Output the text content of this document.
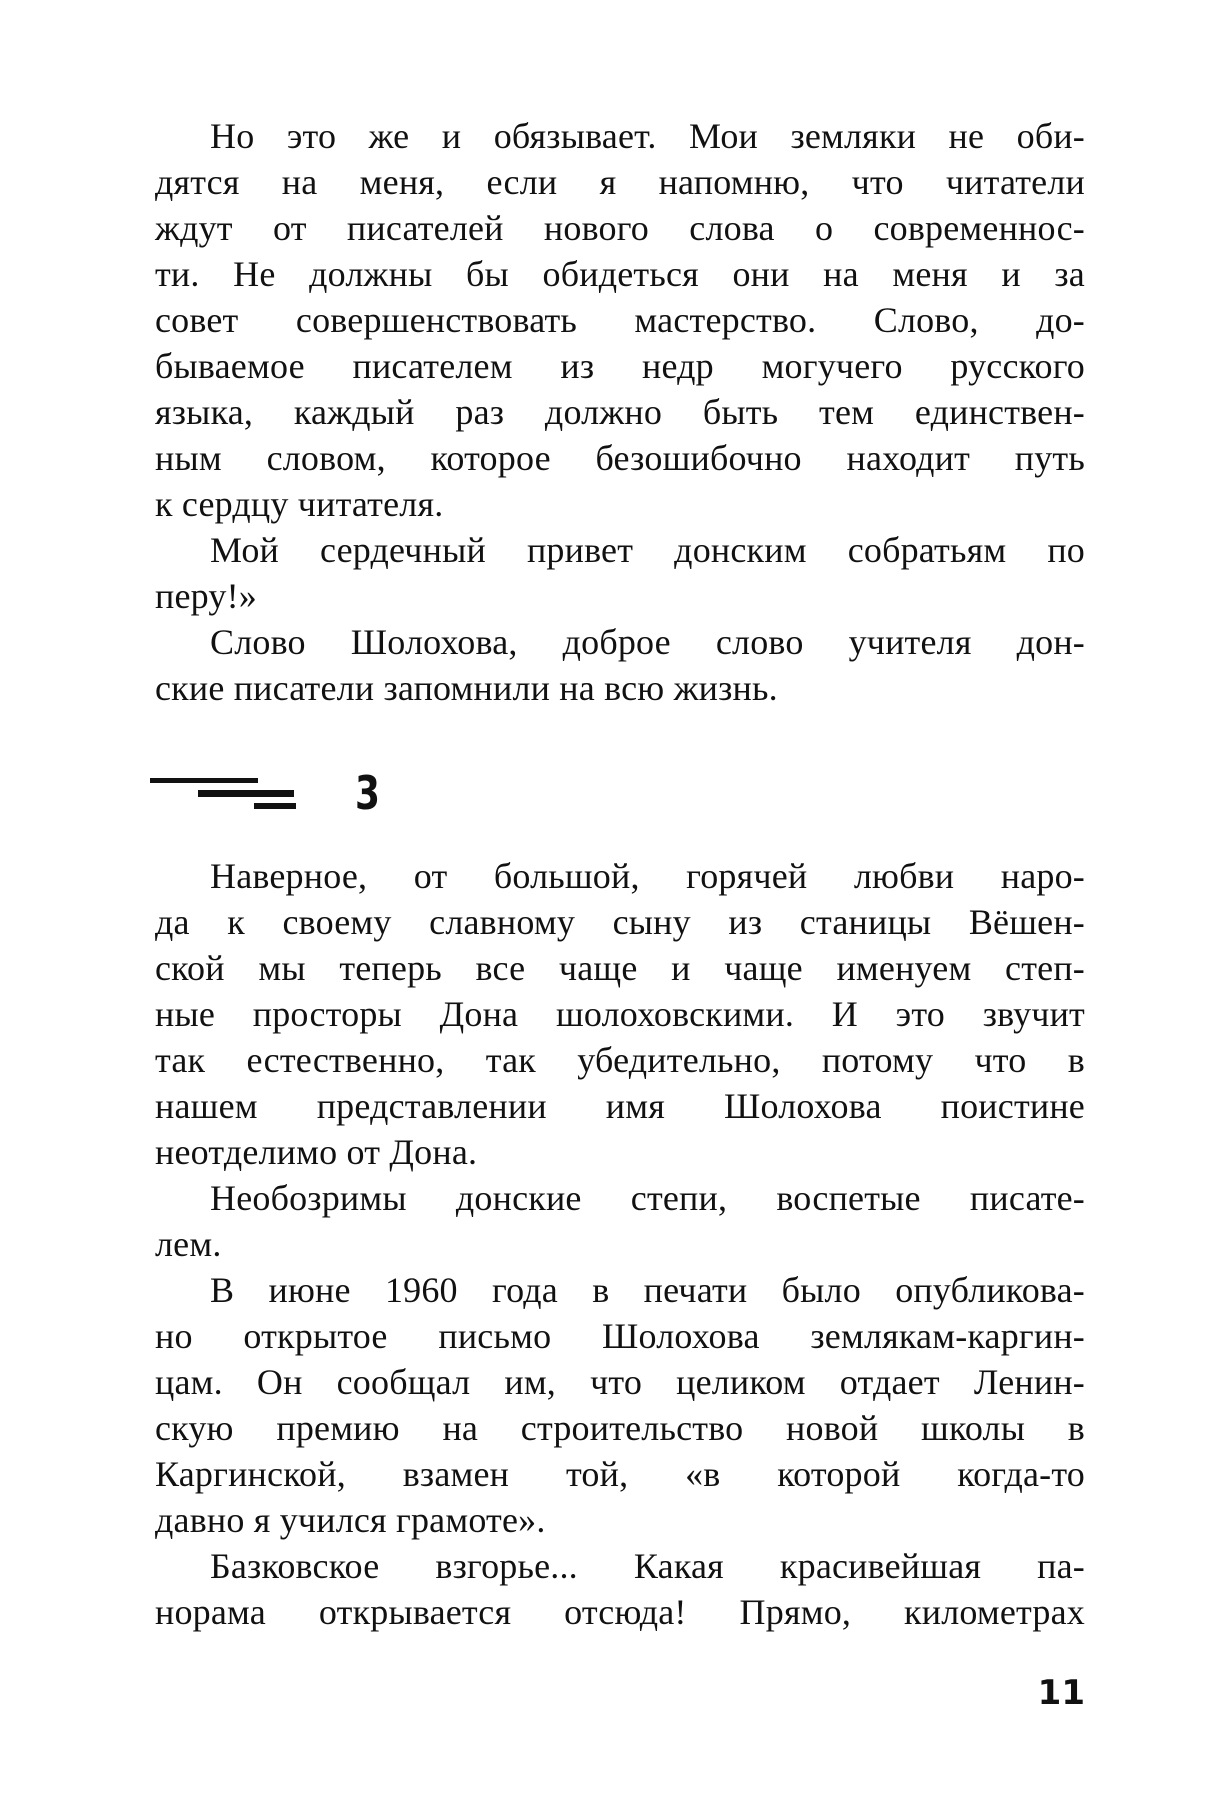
Но это же и обязывает. Мои земляки не оби-
дятся на меня, если я напомню, что читатели
ждут от писателей нового слова о современнос-
ти. Не должны бы обидеться они на меня и за
совет совершенствовать мастерство. Слово, до-
бываемое писателем из недр могучего русского
языка, каждый раз должно быть тем единствен-
ным словом, которое безошибочно находит путь
к сердцу читателя.
Мой сердечный привет донским собратьям по
перу!»
Слово Шолохова, доброе слово учителя дон-
ские писатели запомнили на всю жизнь.
3
Наверное, от большой, горячей любви наро-
да к своему славному сыну из станицы Вёшен-
ской мы теперь все чаще и чаще именуем степ-
ные просторы Дона шолоховскими. И это звучит
так естественно, так убедительно, потому что в
нашем представлении имя Шолохова поистине
неотделимо от Дона.
Необозримы донские степи, воспетые писате-
лем.
В июне 1960 года в печати было опубликова-
но открытое письмо Шолохова землякам-каргин-
цам. Он сообщал им, что целиком отдает Ленин-
скую премию на строительство новой школы в
Каргинской, взамен той, «в которой когда-то
давно я учился грамоте».
Базковское взгорье... Какая красивейшая па-
норама открывается отсюда! Прямо, километрах
11
